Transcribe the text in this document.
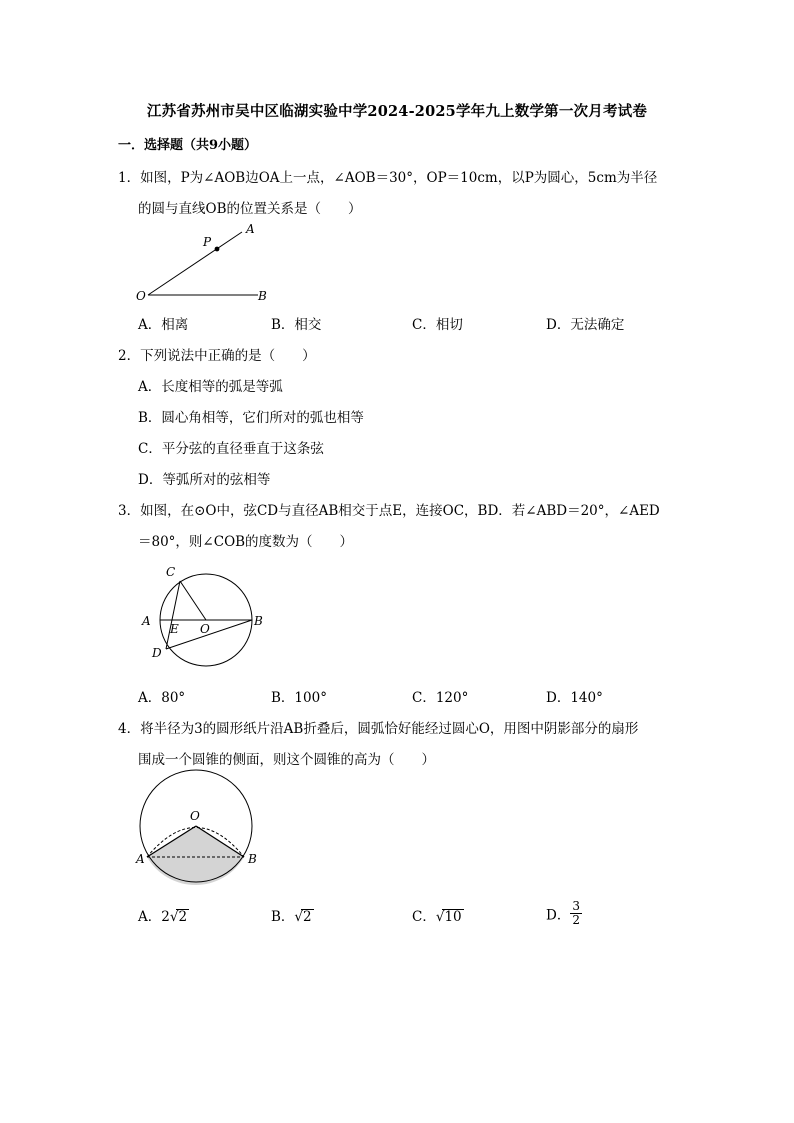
江苏省苏州市吴中区临湖实验中学2024-2025学年九上数学第一次月考试卷
一．选择题（共9小题）
1．如图，P为∠AOB边OA上一点，∠AOB＝30°，OP＝10cm，以P为圆心，5cm为半径
的圆与直线OB的位置关系是（　　）
A
P
O	B
A．相离	B．相交	C．相切	D．无法确定
2．下列说法中正确的是（　　）
A．长度相等的弧是等弧
B．圆心角相等，它们所对的弧也相等
C．平分弦的直径垂直于这条弦
D．等弧所对的弦相等
3．如图，在⊙O中，弦CD与直径AB相交于点E，连接OC，BD．若∠ABD＝20°，∠AED
＝80°，则∠COB的度数为（　　）
C
A
E O
B
D
A．80°	B．100°	C．120°	D．140°
4．将半径为3的圆形纸片沿AB折叠后，圆弧恰好能经过圆心O，用图中阴影部分的扇形
围成一个圆锥的侧面，则这个圆锥的高为（　　）
O
A	B
A．2√2	B．√2	C．√10	D． $\frac{3}{2}$
